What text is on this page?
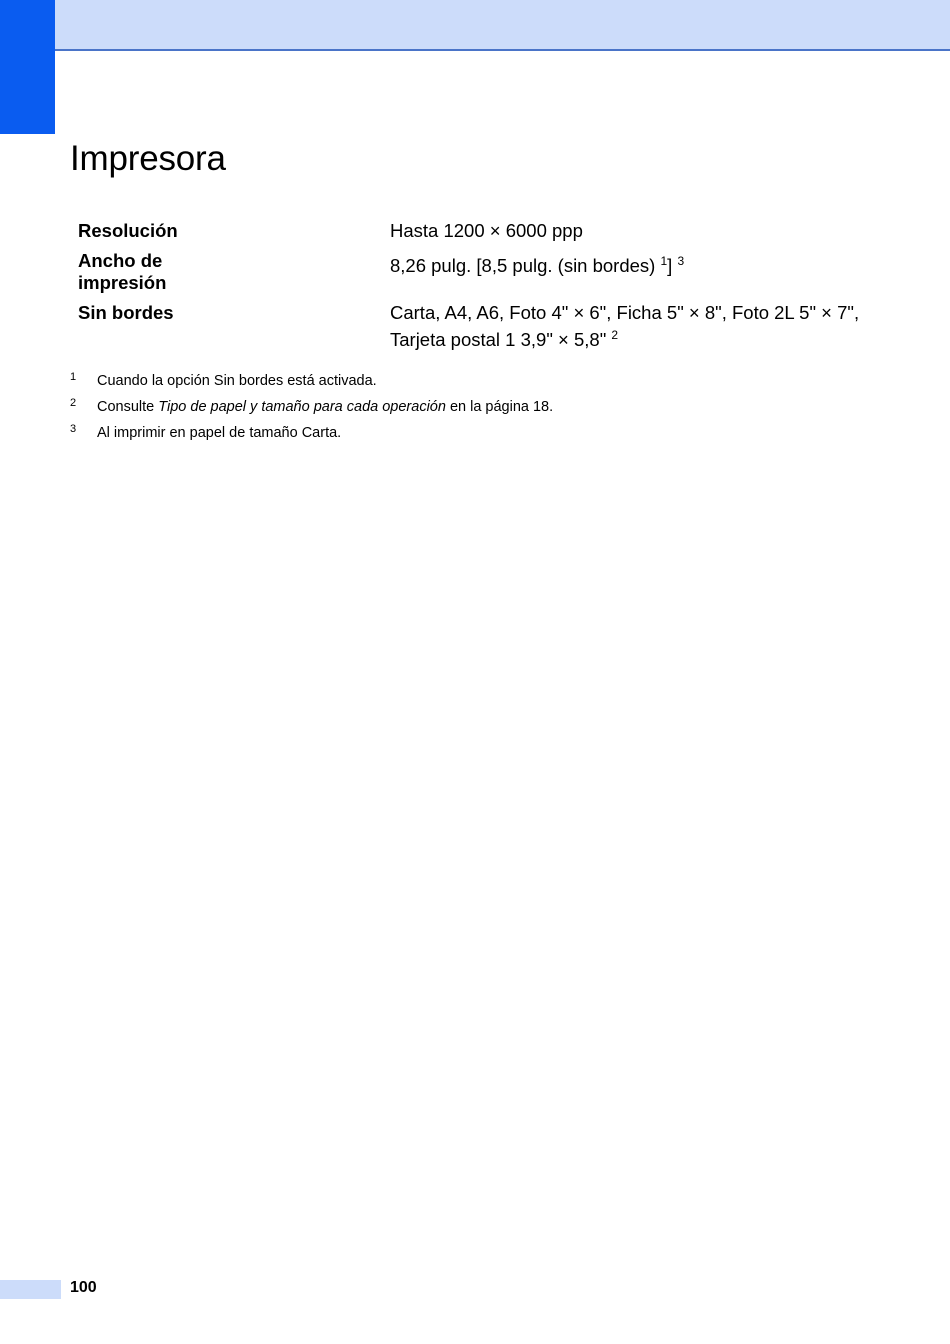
Impresora
Resolución	Hasta 1200 × 6000 ppp
Ancho de
impresión
8,26 pulg. [8,5 pulg. (sin bordes) $^1$] $^3$
Sin bordes	Carta, A4, A6, Foto 4" × 6", Ficha 5" × 8", Foto 2L 5" × 7",
Tarjeta postal 1 3,9" × 5,8" $^2$
1 Cuando la opción Sin bordes está activada.
2 Consulte Tipo de papel y tamaño para cada operación en la página 18.
3 Al imprimir en papel de tamaño Carta.
100
